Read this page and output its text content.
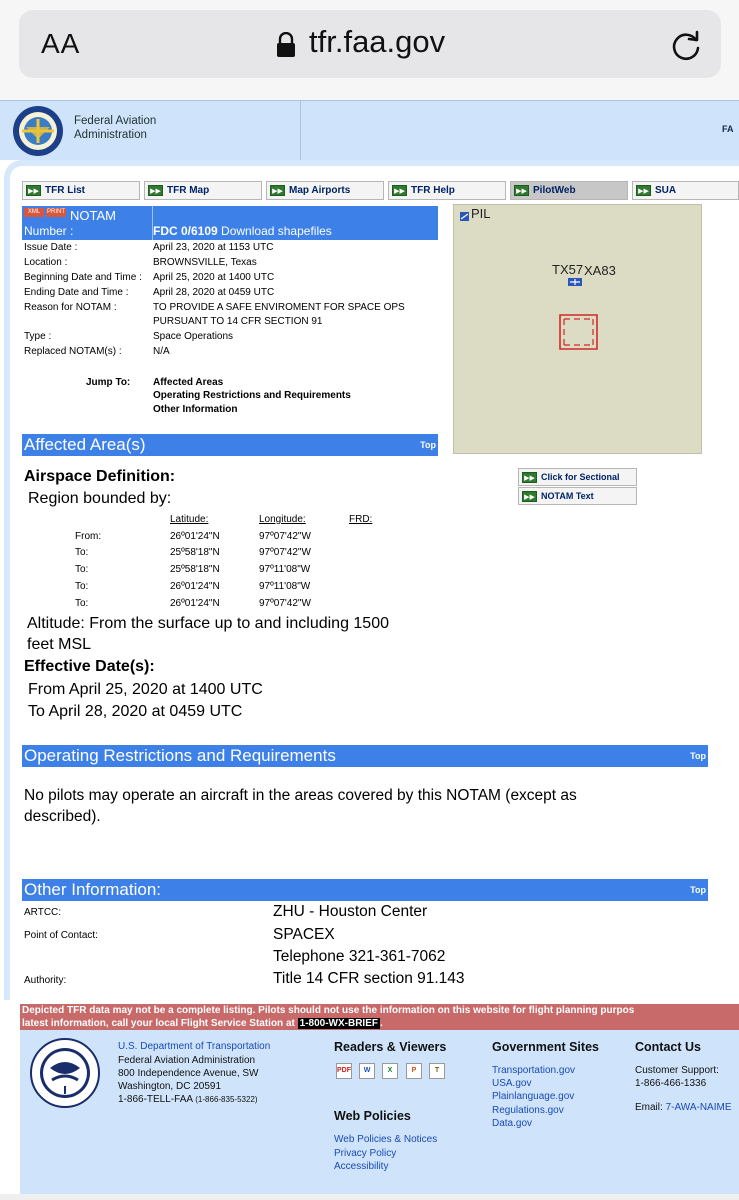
AA	tfr.faa.gov
Federal Aviation
Administration	FA
▶▶ TFR List	▶▶ TFR Map	▶▶ Map Airports	▶▶ TFR Help	▶▶ PilotWeb	▶▶ SUA
XML	PRINT NOTAM
Number :	FDC 0/6109 Download shapefiles
Issue Date :	April 23, 2020 at 1153 UTC
Location :	BROWNSVILLE, Texas
Beginning Date and Time : April 25, 2020 at 1400 UTC
Ending Date and Time : April 28, 2020 at 0459 UTC
Reason for NOTAM :	TO PROVIDE A SAFE ENVIROMENT FOR SPACE OPS
PURSUANT TO 14 CFR SECTION 91
Type :	Space Operations
Replaced NOTAM(s) :	N/A
Jump To: Affected Areas
Operating Restrictions and Requirements
Other Information
PIL
TX57 XA83
▶▶ Click for Sectional
▶▶ NOTAM Text
Affected Area(s)	Top
Airspace Definition:
Region bounded by:
Latitude:	Longitude:	FRD:
From:	26º01'24"N	97º07'42"W
To:	25º58'18"N	97º07'42"W
To:	25º58'18"N	97º11'08"W
To:	26º01'24"N	97º11'08"W
To:	26º01'24"N	97º07'42"W
Altitude: From the surface up to and including 1500
feet MSL
Effective Date(s):
From April 25, 2020 at 1400 UTC
To April 28, 2020 at 0459 UTC
Operating Restrictions and Requirements	Top
No pilots may operate an aircraft in the areas covered by this NOTAM (except as
described).
Other Information:	Top
ARTCC:	ZHU - Houston Center
Point of Contact:	SPACEX
Telephone 321-361-7062
Authority:	Title 14 CFR section 91.143
Depicted TFR data may not be a complete listing. Pilots should not use the information on this website for flight planning purpos
latest information, call your local Flight Service Station at 1-800-WX-BRIEF .
U.S. Department of Transportation
Federal Aviation Administration
800 Independence Avenue, SW
Washington, DC 20591
1-866-TELL-FAA (1-866-835-5322)
Readers & Viewers
PDF	W	X	P	T
Web Policies
Web Policies & Notices
Privacy Policy
Accessibility
Government Sites
Transportation.gov
USA.gov
Plainlanguage.gov
Regulations.gov
Data.gov
Contact Us
Customer Support:
1-866-466-1336
Email: 7-AWA-NAIME
